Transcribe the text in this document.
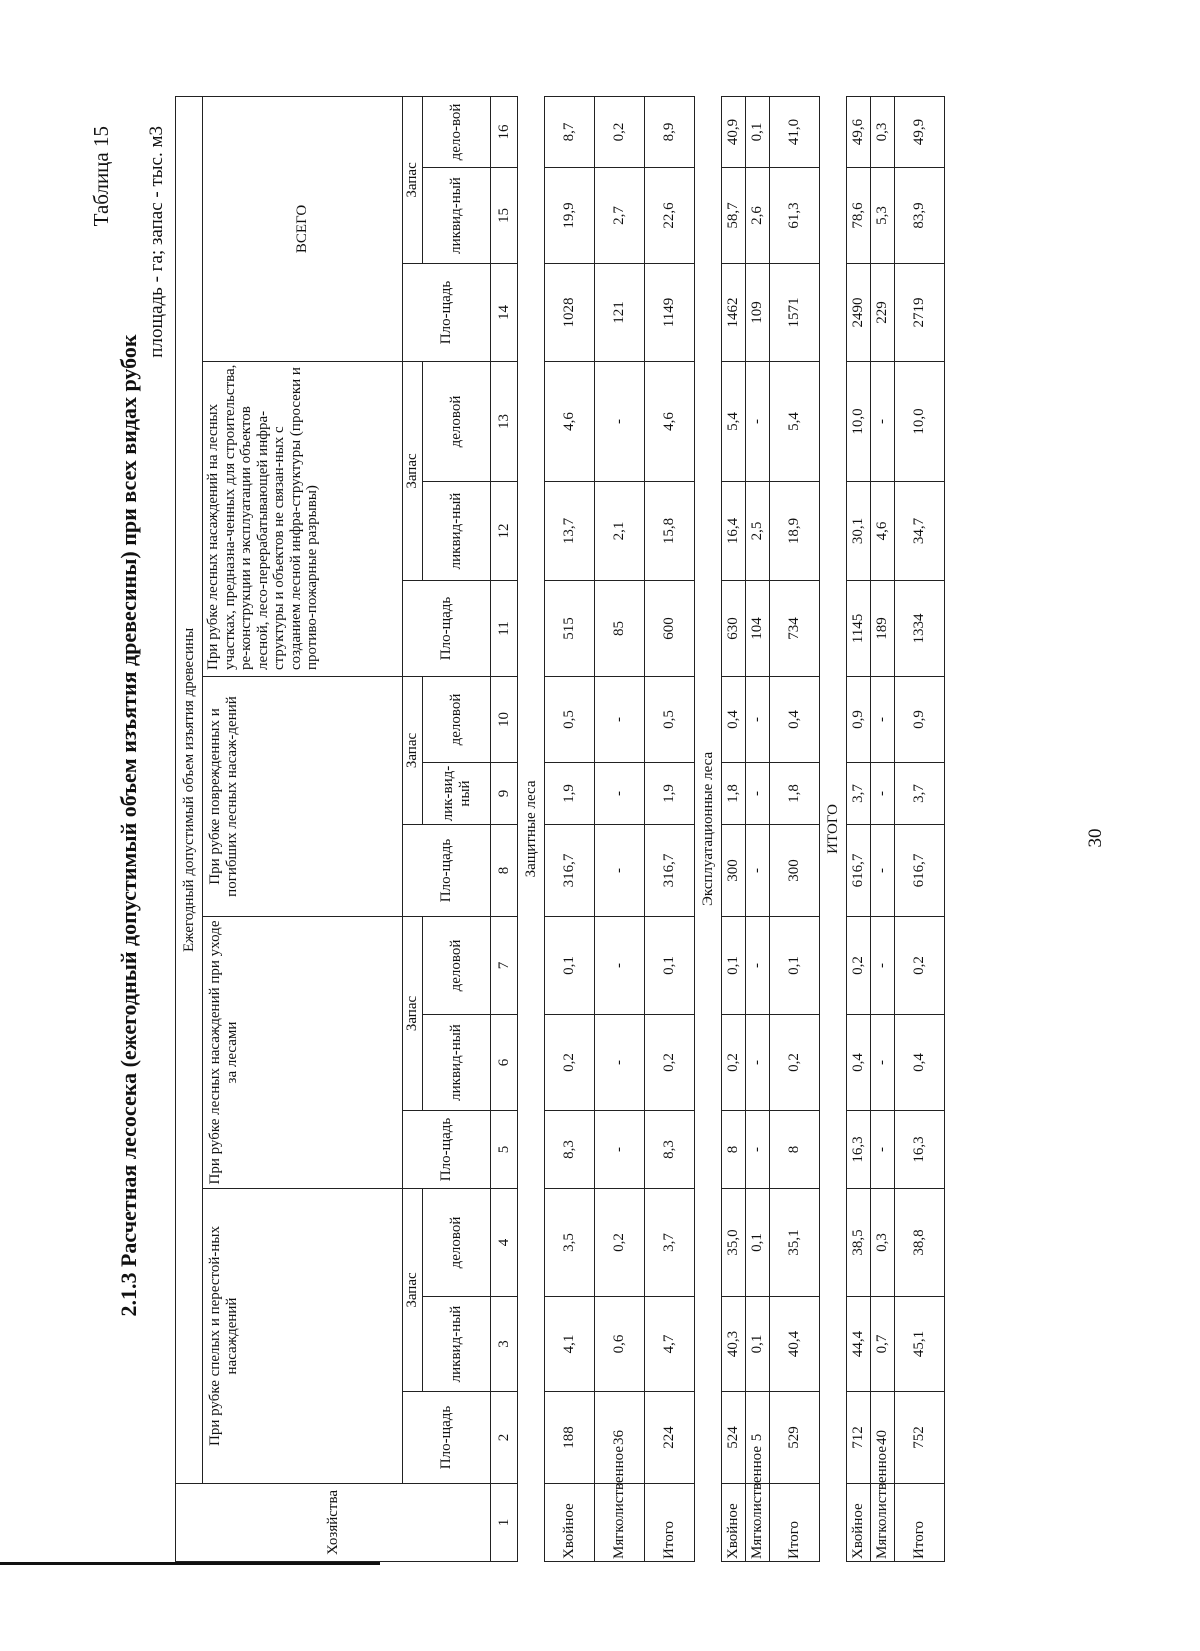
Таблица 15
2.1.3 Расчетная лесосека (ежегодный допустимый объем изъятия древесины) при всех видах рубок
площадь - га; запас - тыс. м3
Хозяйства	Ежегодный допустимый объем изъятия древесины														
	При рубке спелых и перестой-ных насаждений			При рубке лесных насаждений при уходе за лесами			При рубке поврежденных и погибших лесных насаж-дений			При рубке лесных насаждений на лесных участках, предназна-ченных для строительства, ре-конструкции и эксплуатации объектов лесной, лесо-перерабатывающей инфра-структуры и объектов не связан-ных с созданием лесной инфра-структуры (просеки и противо-пожарные разрывы)			ВСЕГО		
	Пло-щадь	Запас		Пло-щадь	Запас		Пло-щадь	Запас		Пло-щадь	Запас		Пло-щадь	Запас	
		ликвид-ный	деловой		ликвид-ный	деловой		лик-вид-ный	деловой		ликвид-ный	деловой		ликвид-ный	дело-вой
1	2	3	4	5	6	7	8	9	10	11	12	13	14	15	16
Защитные леса															
Хвойное	188	4,1	3,5	8,3	0,2	0,1	316,7	1,9	0,5	515	13,7	4,6	1028	19,9	8,7
Мягколиственное	36	0,6	0,2	-	-	-	-	-	-	85	2,1	-	121	2,7	0,2
Итого	224	4,7	3,7	8,3	0,2	0,1	316,7	1,9	0,5	600	15,8	4,6	1149	22,6	8,9
Эксплуатационные леса															
Хвойное	524	40,3	35,0	8	0,2	0,1	300	1,8	0,4	630	16,4	5,4	1462	58,7	40,9
Мягколиственное	5	0,1	0,1	-	-	-	-	-	-	104	2,5	-	109	2,6	0,1
Итого	529	40,4	35,1	8	0,2	0,1	300	1,8	0,4	734	18,9	5,4	1571	61,3	41,0
ИТОГО															
Хвойное	712	44,4	38,5	16,3	0,4	0,2	616,7	3,7	0,9	1145	30,1	10,0	2490	78,6	49,6
Мягколиственное	40	0,7	0,3	-	-	-	-	-	-	189	4,6	-	229	5,3	0,3
Итого	752	45,1	38,8	16,3	0,4	0,2	616,7	3,7	0,9	1334	34,7	10,0	2719	83,9	49,9
30
